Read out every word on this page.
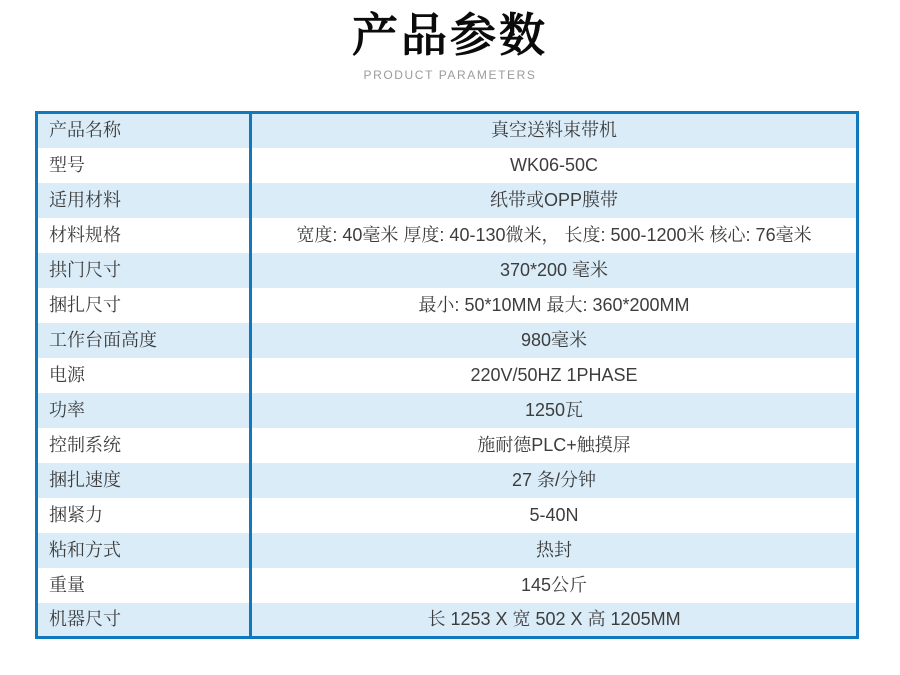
产品参数
PRODUCT PARAMETERS
产品名称	真空送料束带机
型号	WK06-50C
适用材料	纸带或OPP膜带
材料规格	宽度: 40毫米 厚度: 40-130微米， 长度: 500-1200米 核心: 76毫米
拱门尺寸	370*200 毫米
捆扎尺寸	最小: 50*10MM 最大: 360*200MM
工作台面高度	980毫米
电源	220V/50HZ 1PHASE
功率	1250瓦
控制系统	施耐德PLC+触摸屏
捆扎速度	27 条/分钟
捆紧力	5-40N
粘和方式	热封
重量	145公斤
机器尺寸	长 1253 X 宽 502 X 高 1205MM
